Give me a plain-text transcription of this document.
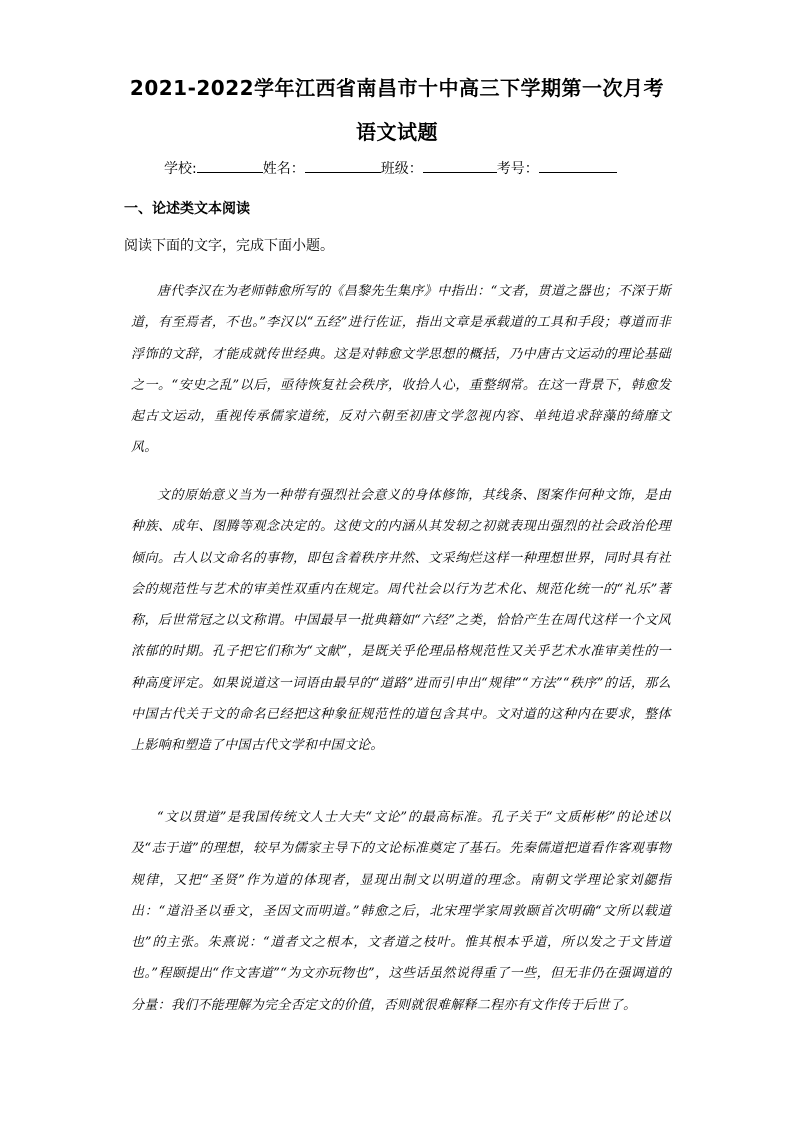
2021-2022学年江西省南昌市十中高三下学期第一次月考语文试题
学校:	姓名：	班级：	考号：
一、论述类文本阅读
阅读下面的文字，完成下面小题。
唐代李汉在为老师韩愈所写的《昌黎先生集序》中指出：“文者，贯道之器也；不深于斯道，有至焉者，不也。”李汉以“五经”进行佐证，指出文章是承载道的工具和手段；尊道而非浮饰的文辞，才能成就传世经典。这是对韩愈文学思想的概括，乃中唐古文运动的理论基础之一。“安史之乱”以后，亟待恢复社会秩序，收拾人心，重整纲常。在这一背景下，韩愈发起古文运动，重视传承儒家道统，反对六朝至初唐文学忽视内容、单纯追求辞藻的绮靡文风。
文的原始意义当为一种带有强烈社会意义的身体修饰，其线条、图案作何种文饰，是由种族、成年、图腾等观念决定的。这使文的内涵从其发轫之初就表现出强烈的社会政治伦理倾向。古人以文命名的事物，即包含着秩序井然、文采绚烂这样一种理想世界，同时具有社会的规范性与艺术的审美性双重内在规定。周代社会以行为艺术化、规范化统一的“礼乐”著称，后世常冠之以文称谓。中国最早一批典籍如“六经”之类，恰恰产生在周代这样一个文风浓郁的时期。孔子把它们称为“文献”，是既关乎伦理品格规范性又关乎艺术水准审美性的一种高度评定。如果说道这一词语由最早的“道路”进而引申出“规律”“方法”“秩序”的话，那么中国古代关于文的命名已经把这种象征规范性的道包含其中。文对道的这种内在要求，整体上影响和塑造了中国古代文学和中国文论。
“文以贯道”是我国传统文人士大夫“文论”的最高标准。孔子关于“文质彬彬”的论述以及“志于道”的理想，较早为儒家主导下的文论标准奠定了基石。先秦儒道把道看作客观事物规律，又把“圣贤”作为道的体现者，显现出制文以明道的理念。南朝文学理论家刘勰指出：“道沿圣以垂文，圣因文而明道。”韩愈之后，北宋理学家周敦颐首次明确“文所以载道也”的主张。朱熹说：“道者文之根本，文者道之枝叶。惟其根本乎道，所以发之于文皆道也。”程颐提出“作文害道”“为文亦玩物也”，这些话虽然说得重了一些，但无非仍在强调道的分量：我们不能理解为完全否定文的价值，否则就很难解释二程亦有文作传于后世了。
